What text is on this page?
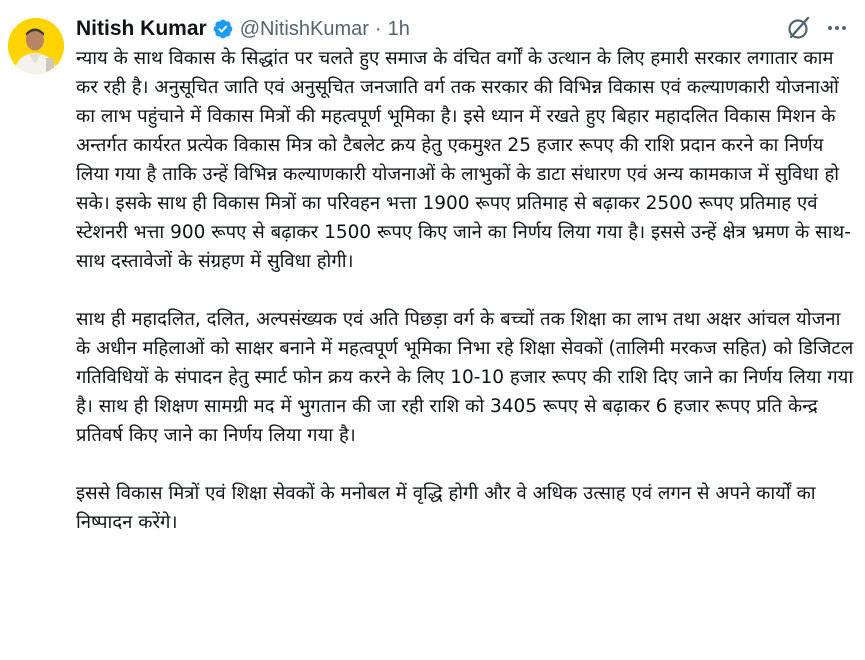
Nitish Kumar @NitishKumar · 1h

न्याय के साथ विकास के सिद्धांत पर चलते हुए समाज के वंचित वर्गों के उत्थान के लिए हमारी सरकार लगातार काम कर रही है। अनुसूचित जाति एवं अनुसूचित जनजाति वर्ग तक सरकार की विभिन्न विकास एवं कल्याणकारी योजनाओं का लाभ पहुंचाने में विकास मित्रों की महत्वपूर्ण भूमिका है। इसे ध्यान में रखते हुए बिहार महादलित विकास मिशन के अन्तर्गत कार्यरत प्रत्येक विकास मित्र को टैबलेट क्रय हेतु एकमुश्त 25 हजार रूपए की राशि प्रदान करने का निर्णय लिया गया है ताकि उन्हें विभिन्न कल्याणकारी योजनाओं के लाभुकों के डाटा संधारण एवं अन्य कामकाज में सुविधा हो सके। इसके साथ ही विकास मित्रों का परिवहन भत्ता 1900 रूपए प्रतिमाह से बढ़ाकर 2500 रूपए प्रतिमाह एवं स्टेशनरी भत्ता 900 रूपए से बढ़ाकर 1500 रूपए किए जाने का निर्णय लिया गया है। इससे उन्हें क्षेत्र भ्रमण के साथ-साथ दस्तावेजों के संग्रहण में सुविधा होगी।

साथ ही महादलित, दलित, अल्पसंख्यक एवं अति पिछड़ा वर्ग के बच्चों तक शिक्षा का लाभ तथा अक्षर आंचल योजना के अधीन महिलाओं को साक्षर बनाने में महत्वपूर्ण भूमिका निभा रहे शिक्षा सेवकों (तालिमी मरकज सहित) को डिजिटल गतिविधियों के संपादन हेतु स्मार्ट फोन क्रय करने के लिए 10-10 हजार रूपए की राशि दिए जाने का निर्णय लिया गया है। साथ ही शिक्षण सामग्री मद में भुगतान की जा रही राशि को 3405 रूपए से बढ़ाकर 6 हजार रूपए प्रति केन्द्र प्रतिवर्ष किए जाने का निर्णय लिया गया है।

इससे विकास मित्रों एवं शिक्षा सेवकों के मनोबल में वृद्धि होगी और वे अधिक उत्साह एवं लगन से अपने कार्यों का निष्पादन करेंगे।
